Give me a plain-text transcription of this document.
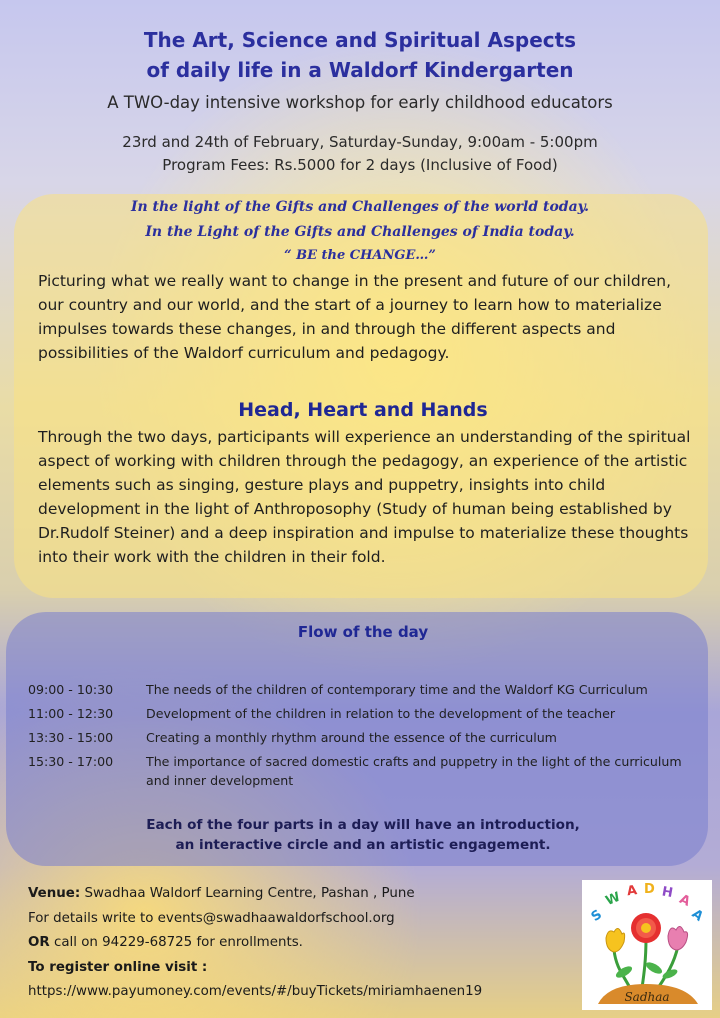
The Art, Science and Spiritual Aspects
of daily life in a Waldorf Kindergarten
A TWO-day intensive workshop for early childhood educators
23rd and 24th of February, Saturday-Sunday, 9:00am - 5:00pm
Program Fees: Rs.5000 for 2 days (Inclusive of Food)
In the light of the Gifts and Challenges of the world today.
In the Light of the Gifts and Challenges of India today.
“ BE the CHANGE…”
Picturing what we really want to change in the present and future of our children, our country and our world, and the start of a journey to learn how to materialize impulses towards these changes, in and through the different aspects and possibilities of the Waldorf curriculum and pedagogy.
Head, Heart and Hands
Through the two days, participants will experience an understanding of the spiritual aspect of working with children through the pedagogy, an experience of the artistic elements such as singing, gesture plays and puppetry, insights into child development in the light of Anthroposophy (Study of human being established by Dr.Rudolf Steiner) and a deep inspiration and impulse to materialize these thoughts into their work with the children in their fold.
Flow of the day
09:00 - 10:30	The needs of the children of contemporary time and the Waldorf KG Curriculum
11:00 - 12:30	Development of the children in relation to the development of the teacher
13:30 - 15:00	Creating a monthly rhythm around the essence of the curriculum
15:30 - 17:00	The importance of sacred domestic crafts and puppetry in the light of the curriculum and inner development
Each of the four parts in a day will have an introduction,
an interactive circle and an artistic engagement.
Venue: Swadhaa Waldorf Learning Centre, Pashan , Pune
For details write to events@swadhaawaldorfschool.org
OR call on 94229-68725 for enrollments.
To register online visit :
https://www.payumoney.com/events/#/buyTickets/miriamhaenen19
S
W A D H A
A
Sadhaa
